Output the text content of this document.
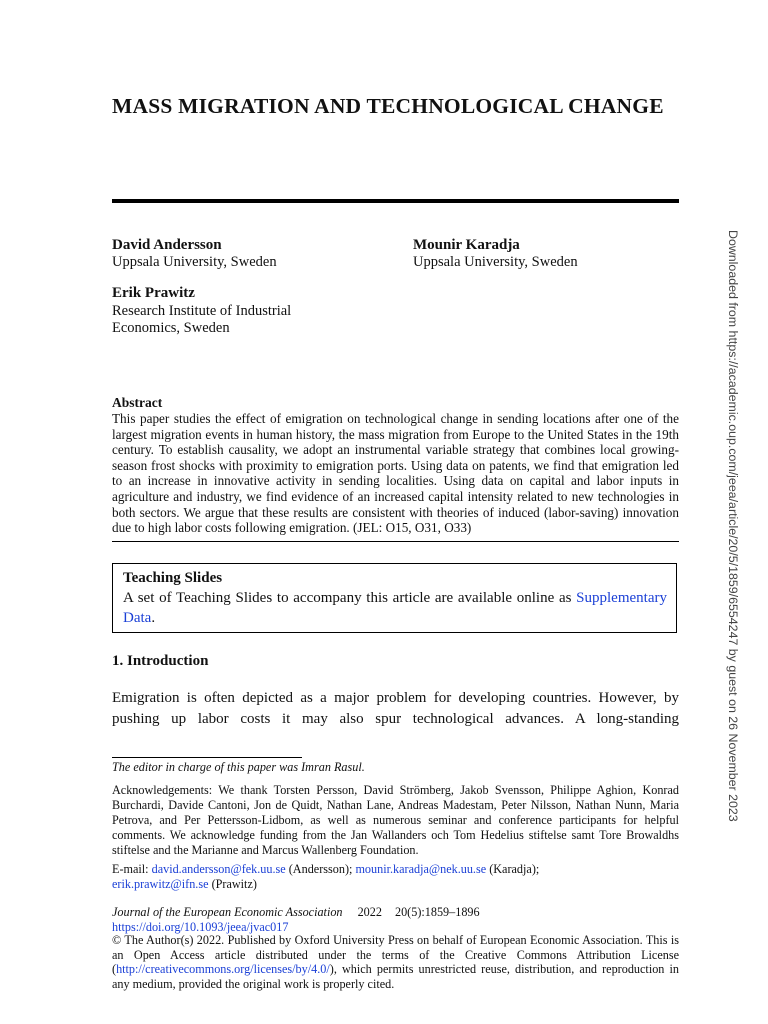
MASS MIGRATION AND TECHNOLOGICAL CHANGE
David Andersson
Uppsala University, Sweden
Mounir Karadja
Uppsala University, Sweden
Erik Prawitz
Research Institute of Industrial
Economics, Sweden
Abstract
This paper studies the effect of emigration on technological change in sending locations after one of the largest migration events in human history, the mass migration from Europe to the United States in the 19th century. To establish causality, we adopt an instrumental variable strategy that combines local growing-season frost shocks with proximity to emigration ports. Using data on patents, we find that emigration led to an increase in innovative activity in sending localities. Using data on capital and labor inputs in agriculture and industry, we find evidence of an increased capital intensity related to new technologies in both sectors. We argue that these results are consistent with theories of induced (labor-saving) innovation due to high labor costs following emigration. (JEL: O15, O31, O33)
Teaching Slides
A set of Teaching Slides to accompany this article are available online as Supplementary Data.
1. Introduction
Emigration is often depicted as a major problem for developing countries. However, by pushing up labor costs it may also spur technological advances. A long-standing
The editor in charge of this paper was Imran Rasul.
Acknowledgements: We thank Torsten Persson, David Strömberg, Jakob Svensson, Philippe Aghion, Konrad Burchardi, Davide Cantoni, Jon de Quidt, Nathan Lane, Andreas Madestam, Peter Nilsson, Nathan Nunn, Maria Petrova, and Per Pettersson-Lidbom, as well as numerous seminar and conference participants for helpful comments. We acknowledge funding from the Jan Wallanders och Tom Hedelius stiftelse samt Tore Browaldhs stiftelse and the Marianne and Marcus Wallenberg Foundation.
E-mail: david.andersson@fek.uu.se (Andersson); mounir.karadja@nek.uu.se (Karadja);
erik.prawitz@ifn.se (Prawitz)
Journal of the European Economic Association 2022 20(5):1859–1896
https://doi.org/10.1093/jeea/jvac017
© The Author(s) 2022. Published by Oxford University Press on behalf of European Economic Association. This is an Open Access article distributed under the terms of the Creative Commons Attribution License (http://creativecommons.org/licenses/by/4.0/), which permits unrestricted reuse, distribution, and reproduction in any medium, provided the original work is properly cited.
Downloaded from https://academic.oup.com/jeea/article/20/5/1859/6554247 by guest on 26 November 2023
